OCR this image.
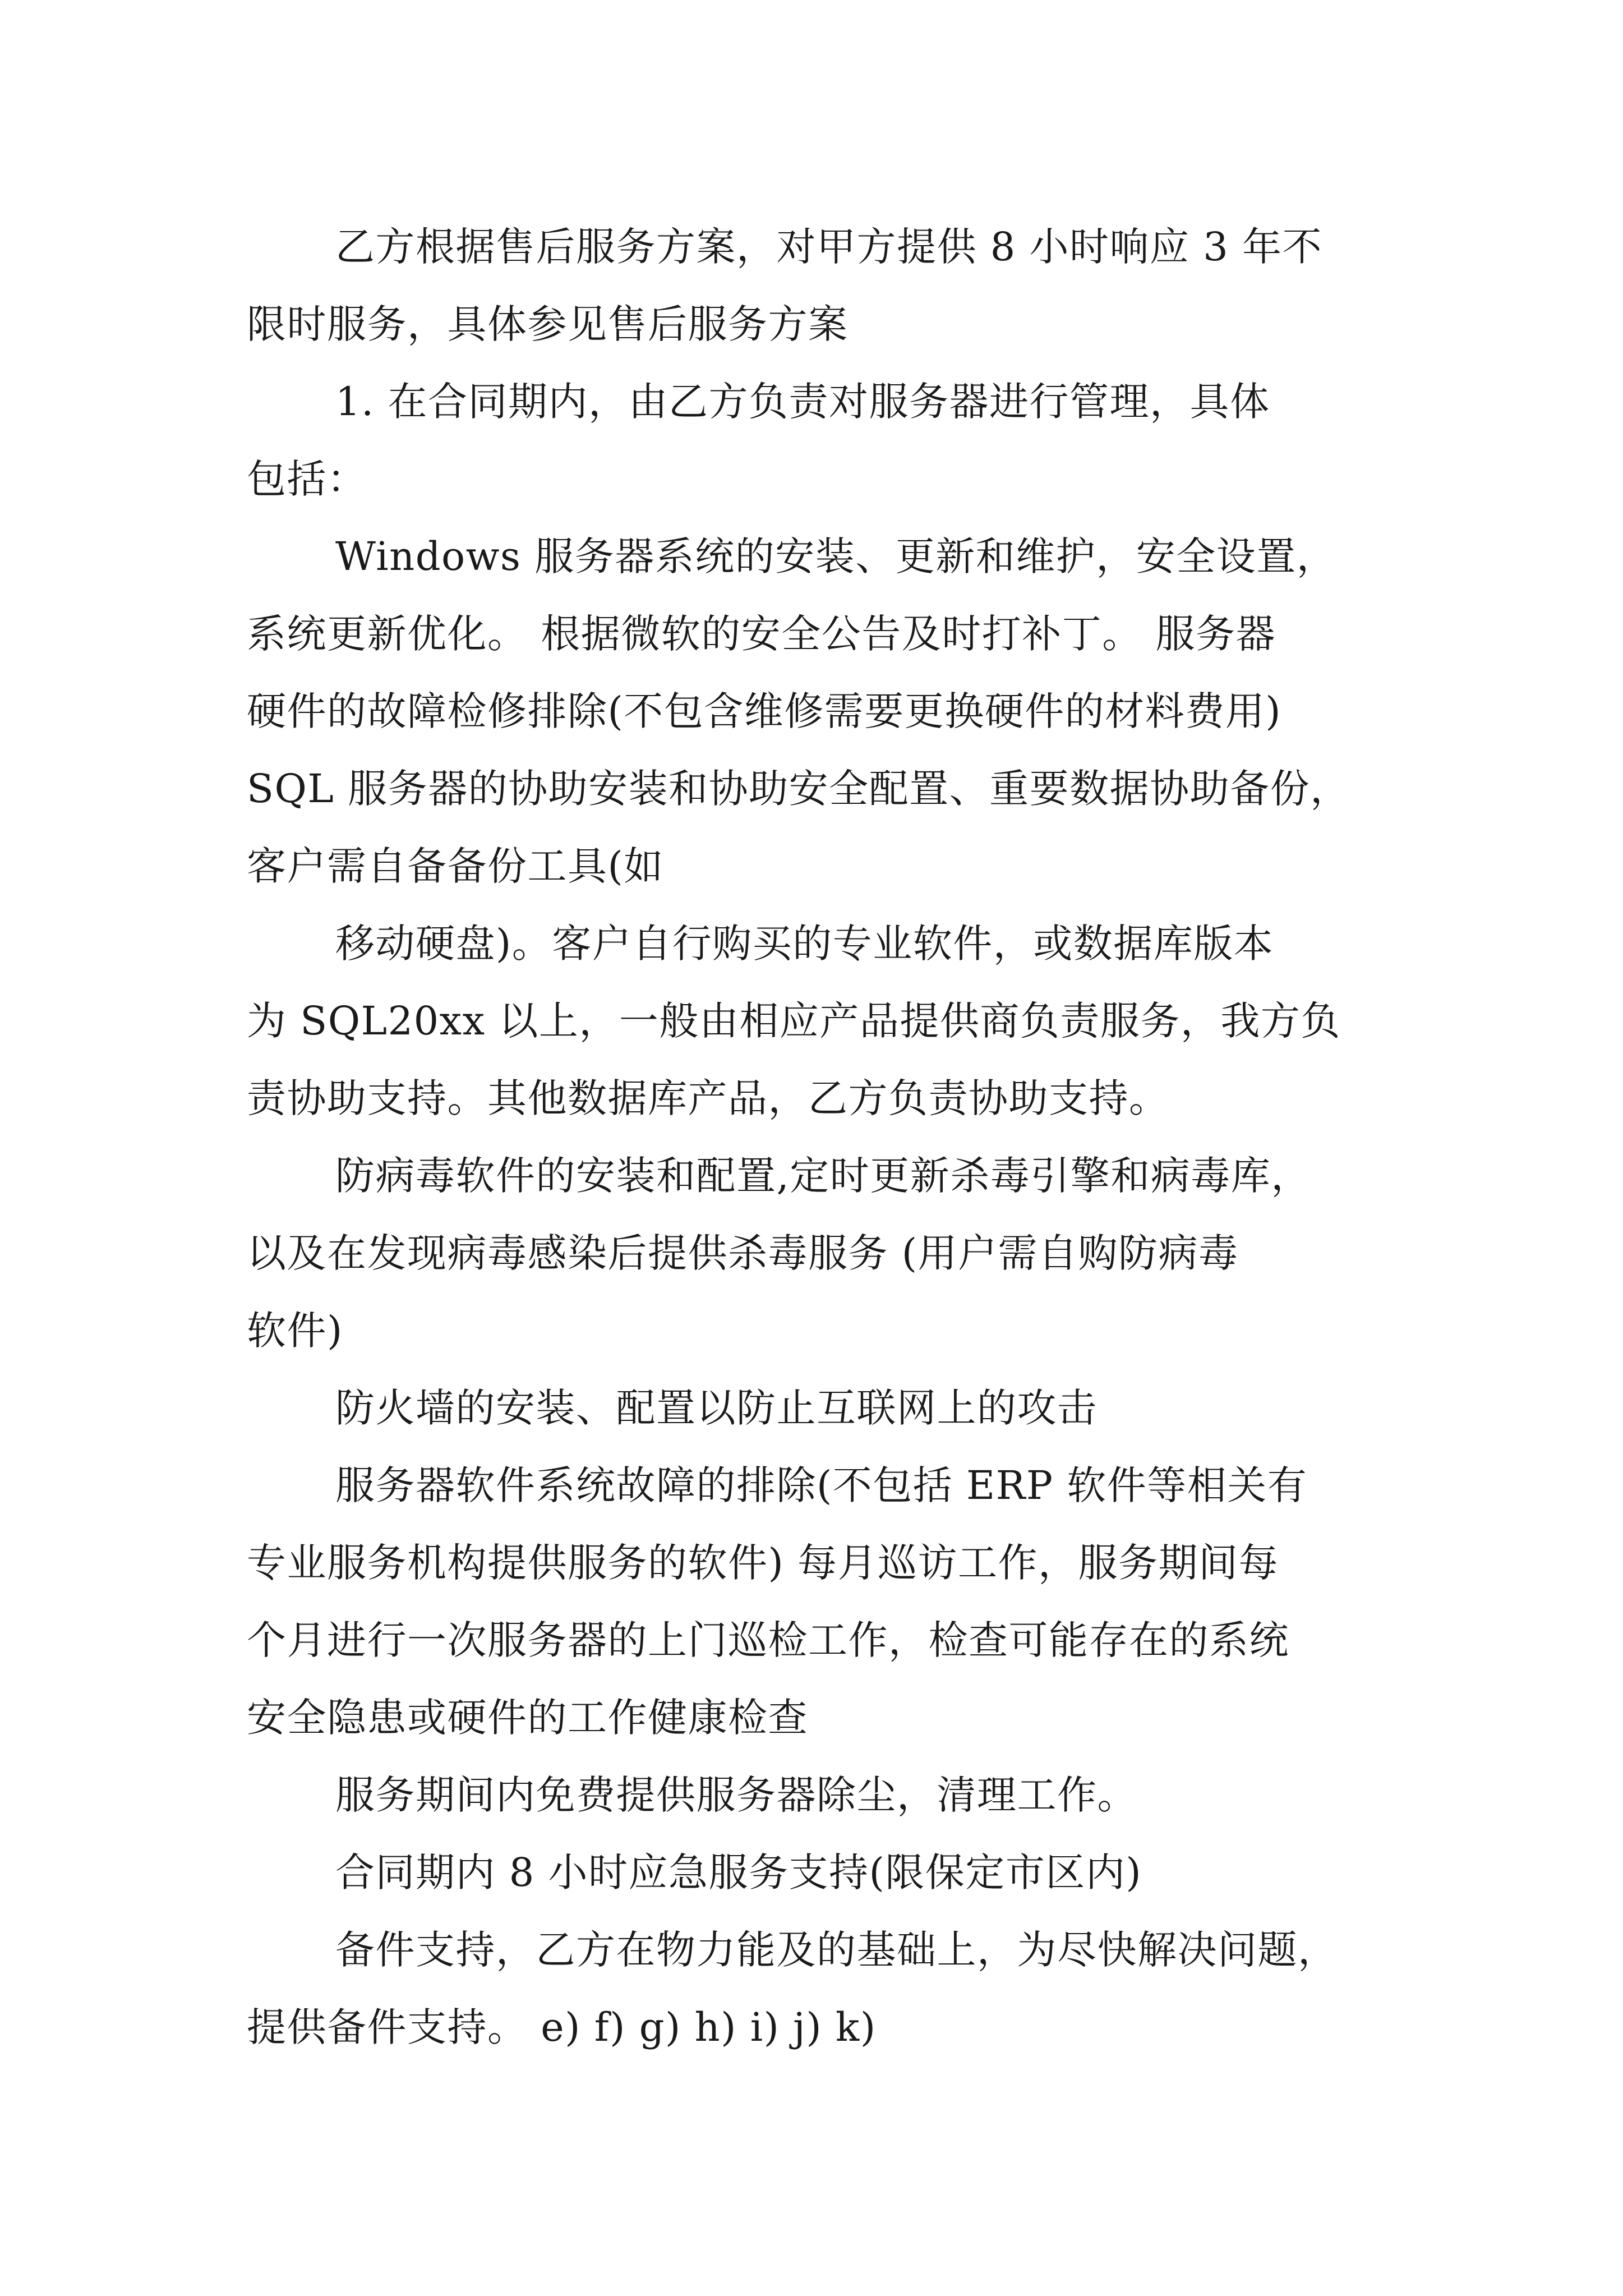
乙方根据售后服务方案，对甲方提供 8 小时响应 3 年不
限时服务，具体参见售后服务方案
1. 在合同期内，由乙方负责对服务器进行管理，具体
包括：
Windows 服务器系统的安装、更新和维护，安全设置，
系统更新优化。 根据微软的安全公告及时打补丁。 服务器
硬件的故障检修排除(不包含维修需要更换硬件的材料费用)
SQL 服务器的协助安装和协助安全配置、重要数据协助备份，
客户需自备备份工具(如
移动硬盘)。客户自行购买的专业软件，或数据库版本
为 SQL20xx 以上，一般由相应产品提供商负责服务，我方负
责协助支持。其他数据库产品，乙方负责协助支持。
防病毒软件的安装和配置,定时更新杀毒引擎和病毒库，
以及在发现病毒感染后提供杀毒服务 (用户需自购防病毒
软件)
防火墙的安装、配置以防止互联网上的攻击
服务器软件系统故障的排除(不包括 ERP 软件等相关有
专业服务机构提供服务的软件) 每月巡访工作，服务期间每
个月进行一次服务器的上门巡检工作，检查可能存在的系统
安全隐患或硬件的工作健康检查
服务期间内免费提供服务器除尘，清理工作。
合同期内 8 小时应急服务支持(限保定市区内)
备件支持，乙方在物力能及的基础上，为尽快解决问题，
提供备件支持。 e) f) g) h) i) j) k)
